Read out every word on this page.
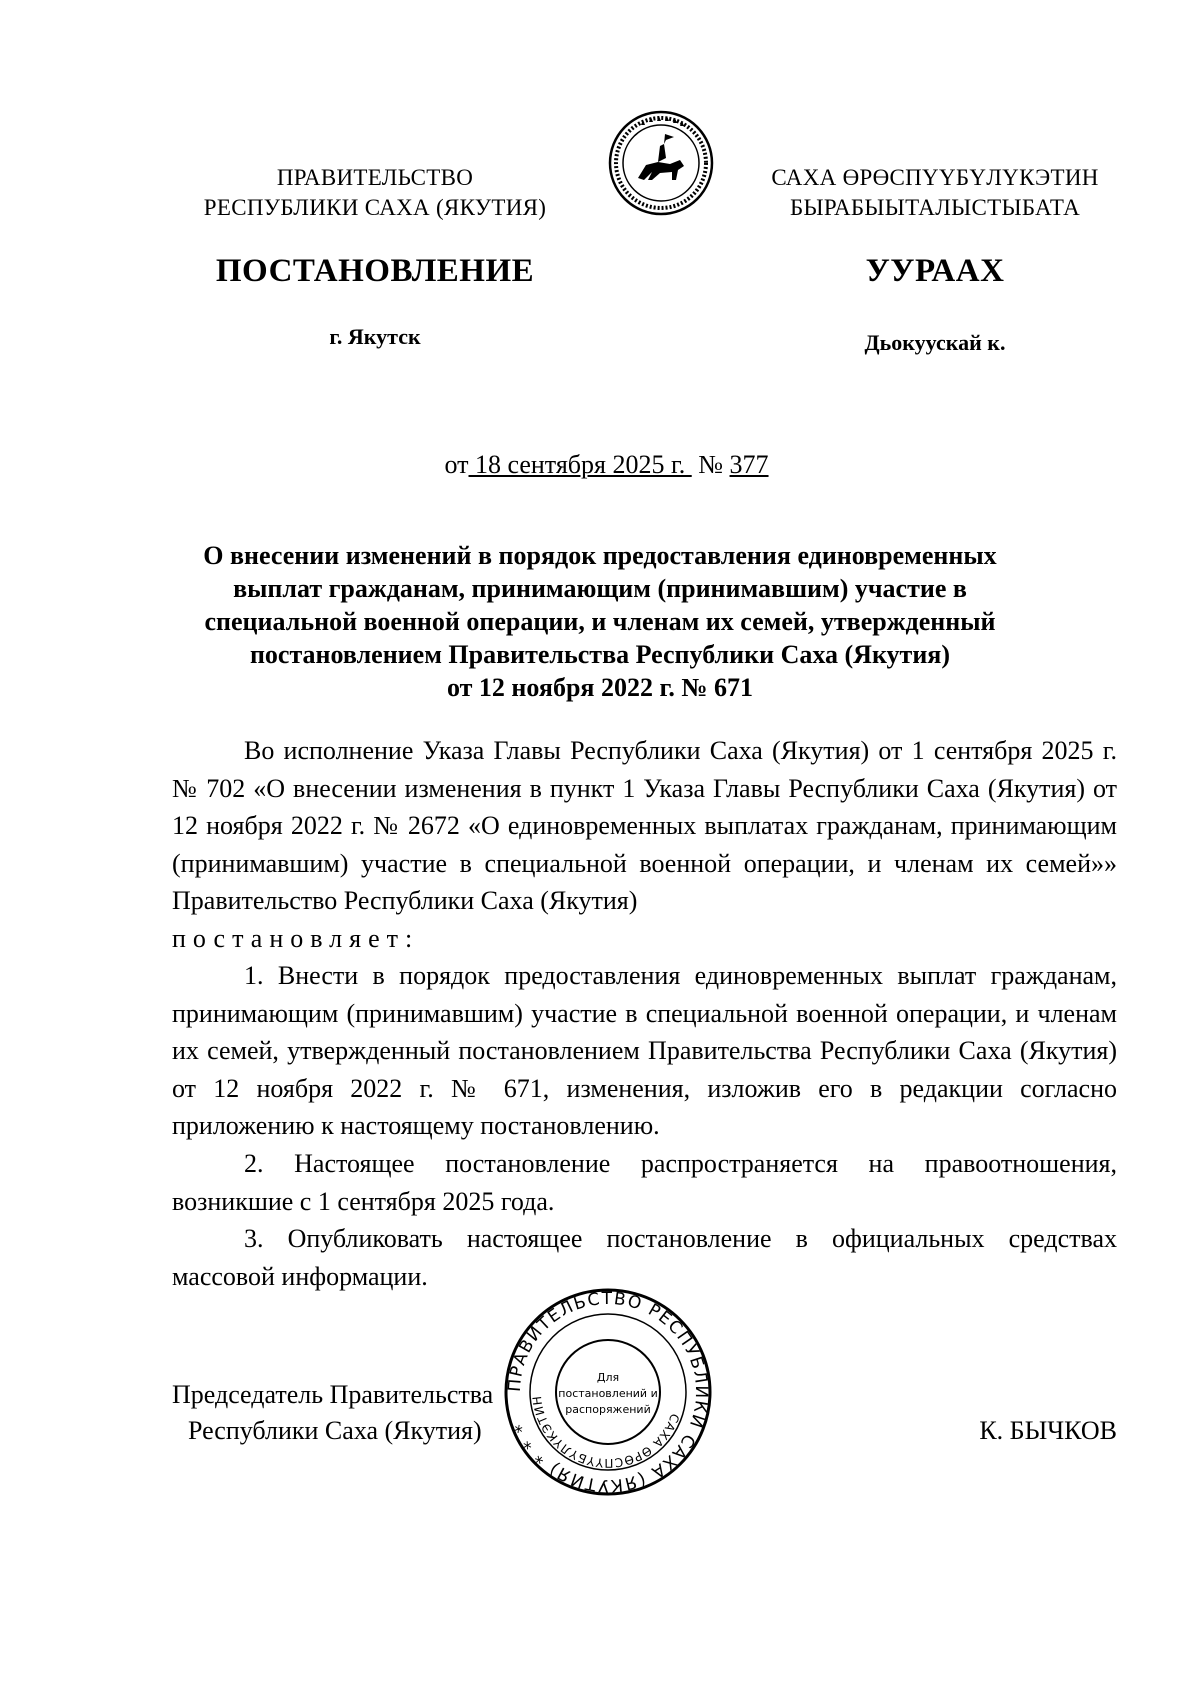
ПРАВИТЕЛЬСТВО
РЕСПУБЛИКИ САХА (ЯКУТИЯ)
САХА ӨРӨСПҮҮБҮЛҮКЭТИН
БЫРАБЫЫТАЛЫСТЫБАТА
ПОСТАНОВЛЕНИЕ	УУРААХ
г. Якутск	Дьокуускай к.

от 18 сентября 2025 г.  № 377

О внесении изменений в порядок предоставления единовременных
выплат гражданам, принимающим (принимавшим) участие в
специальной военной операции, и членам их семей, утвержденный
постановлением Правительства Республики Саха (Якутия)
от 12 ноября 2022 г. № 671

Во исполнение Указа Главы Республики Саха (Якутия) от 1 сентября 2025 г. № 702 «О внесении изменения в пункт 1 Указа Главы Республики Саха (Якутия) от 12 ноября 2022 г. № 2672 «О единовременных выплатах гражданам, принимающим (принимавшим) участие в специальной военной операции, и членам их семей»» Правительство Республики Саха (Якутия)

постановляет:

1. Внести в порядок предоставления единовременных выплат гражданам, принимающим (принимавшим) участие в специальной военной операции, и членам их семей, утвержденный постановлением Правительства Республики Саха (Якутия) от 12 ноября 2022 г. № 671, изменения, изложив его в редакции согласно приложению к настоящему постановлению.

2. Настоящее постановление распространяется на правоотношения, возникшие с 1 сентября 2025 года.

3. Опубликовать настоящее постановление в официальных средствах массовой информации.

Председатель Правительства
Республики Саха (Якутия)	К. БЫЧКОВ
ПРАВИТЕЛЬСТВО РЕСПУБЛИКИ САХА (ЯКУТИЯ) * * *	САХА ӨРӨСПҮҮБҮЛҮКЭТИН
Для
постановлений и
распоряжений
